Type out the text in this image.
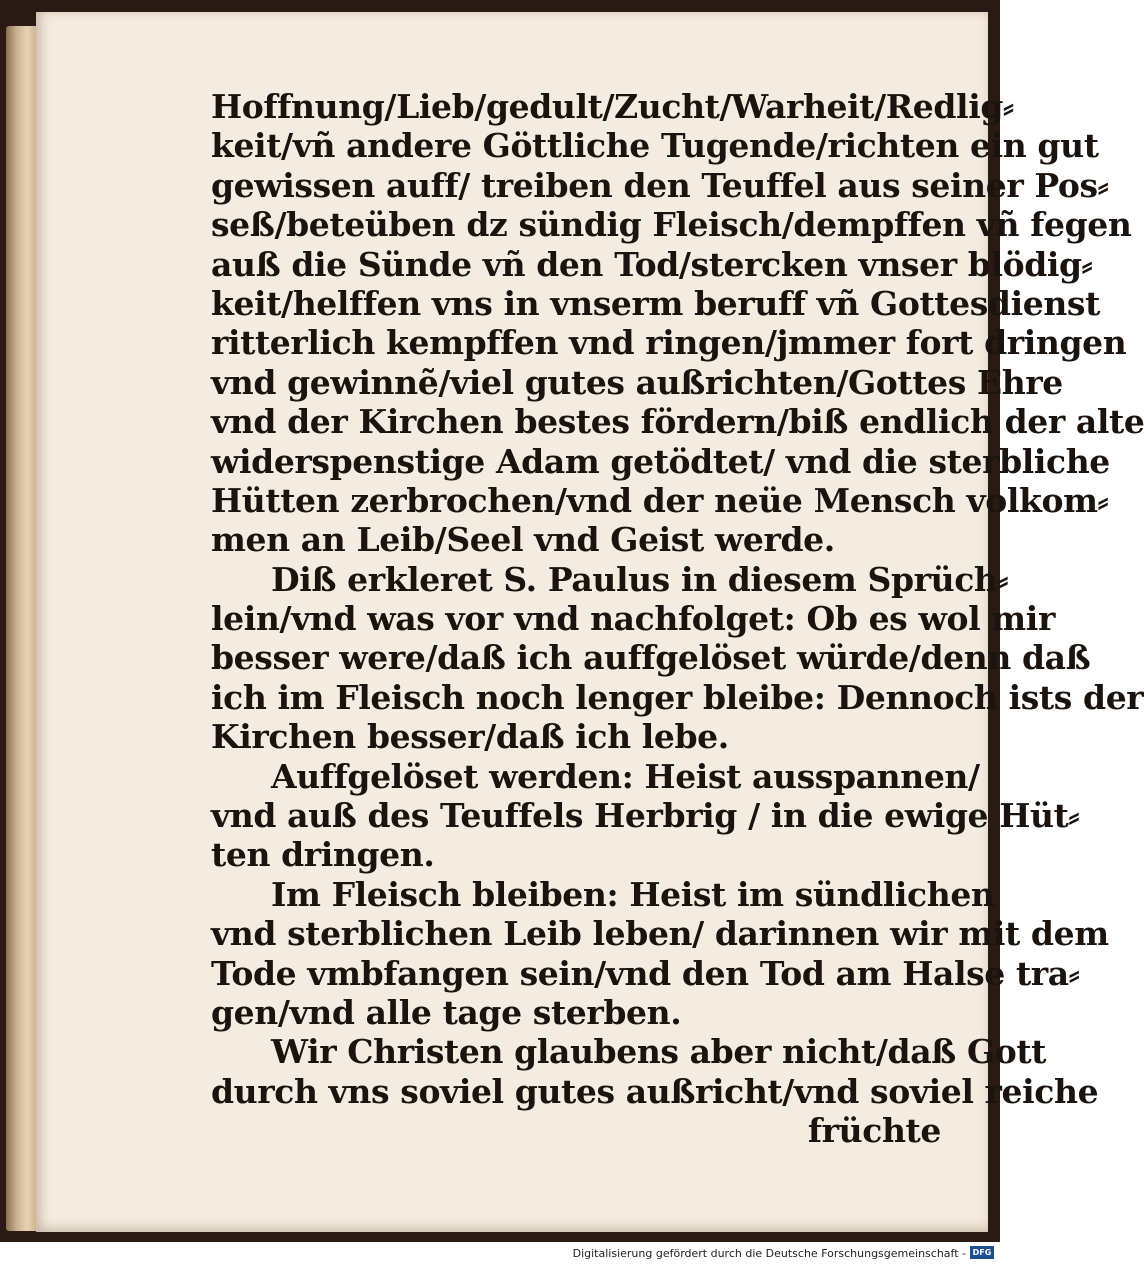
Hoffnung/Lieb/gedult/Zucht/Warheit/Redlig⸗
keit/vñ andere Göttliche Tugende/richten ein gut
gewissen auff/ treiben den Teuffel aus seiner Pos⸗
seß/beteüben dz sündig Fleisch/dempffen vñ fegen
auß die Sünde vñ den Tod/stercken vnser blödig⸗
keit/helffen vns in vnserm beruff vñ Gottesdienst
ritterlich kempffen vnd ringen/jmmer fort dringen
vnd gewinnẽ/viel gutes außrichten/Gottes Ehre
vnd der Kirchen bestes fördern/biß endlich der alte
widerspenstige Adam getödtet/ vnd die sterbliche
Hütten zerbrochen/vnd der neüe Mensch volkom⸗
men an Leib/Seel vnd Geist werde.
Diß erkleret S. Paulus in diesem Sprüch⸗
lein/vnd was vor vnd nachfolget: Ob es wol mir
besser were/daß ich auffgelöset würde/denn daß
ich im Fleisch noch lenger bleibe: Dennoch ists der
Kirchen besser/daß ich lebe.
Auffgelöset werden: Heist ausspannen/
vnd auß des Teuffels Herbrig / in die ewige Hüt⸗
ten dringen.
Im Fleisch bleiben: Heist im sündlichen
vnd sterblichen Leib leben/ darinnen wir mit dem
Tode vmbfangen sein/vnd den Tod am Halse tra⸗
gen/vnd alle tage sterben.
Wir Christen glaubens aber nicht/daß Gott
durch vns soviel gutes außricht/vnd soviel reiche
früchte
Digitalisierung gefördert durch die Deutsche Forschungsgemeinschaft - DFG
